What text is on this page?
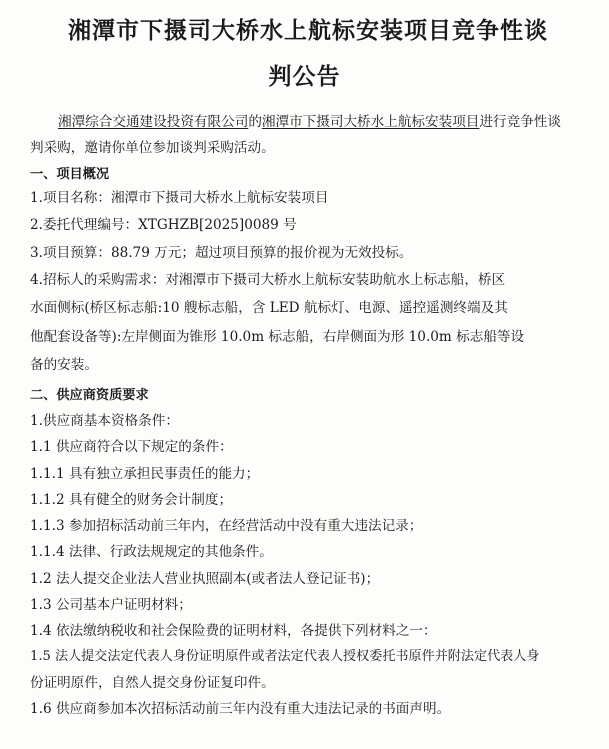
湘潭市下摄司大桥水上航标安装项目竞争性谈
判公告
湘潭综合交通建设投资有限公司的湘潭市下摄司大桥水上航标安装项目进行竞争性谈
判采购，邀请你单位参加谈判采购活动。
一、项目概况
1.项目名称：湘潭市下摄司大桥水上航标安装项目
2.委托代理编号：XTGHZB[2025]0089 号
3.项目预算：88.79 万元；超过项目预算的报价视为无效投标。
4.招标人的采购需求：对湘潭市下摄司大桥水上航标安装助航水上标志船，桥区
水面侧标(桥区标志船:10 艘标志船，含 LED 航标灯、电源、遥控遥测终端及其
他配套设备等):左岸侧面为锥形 10.0m 标志船，右岸侧面为形 10.0m 标志船等设
备的安装。
二、供应商资质要求
1.供应商基本资格条件：
1.1 供应商符合以下规定的条件：
1.1.1 具有独立承担民事责任的能力；
1.1.2 具有健全的财务会计制度；
1.1.3 参加招标活动前三年内，在经营活动中没有重大违法记录；
1.1.4 法律、行政法规规定的其他条件。
1.2 法人提交企业法人营业执照副本(或者法人登记证书)；
1.3 公司基本户证明材料；
1.4 依法缴纳税收和社会保险费的证明材料，各提供下列材料之一：
1.5 法人提交法定代表人身份证明原件或者法定代表人授权委托书原件并附法定代表人身
份证明原件，自然人提交身份证复印件。
1.6 供应商参加本次招标活动前三年内没有重大违法记录的书面声明。
